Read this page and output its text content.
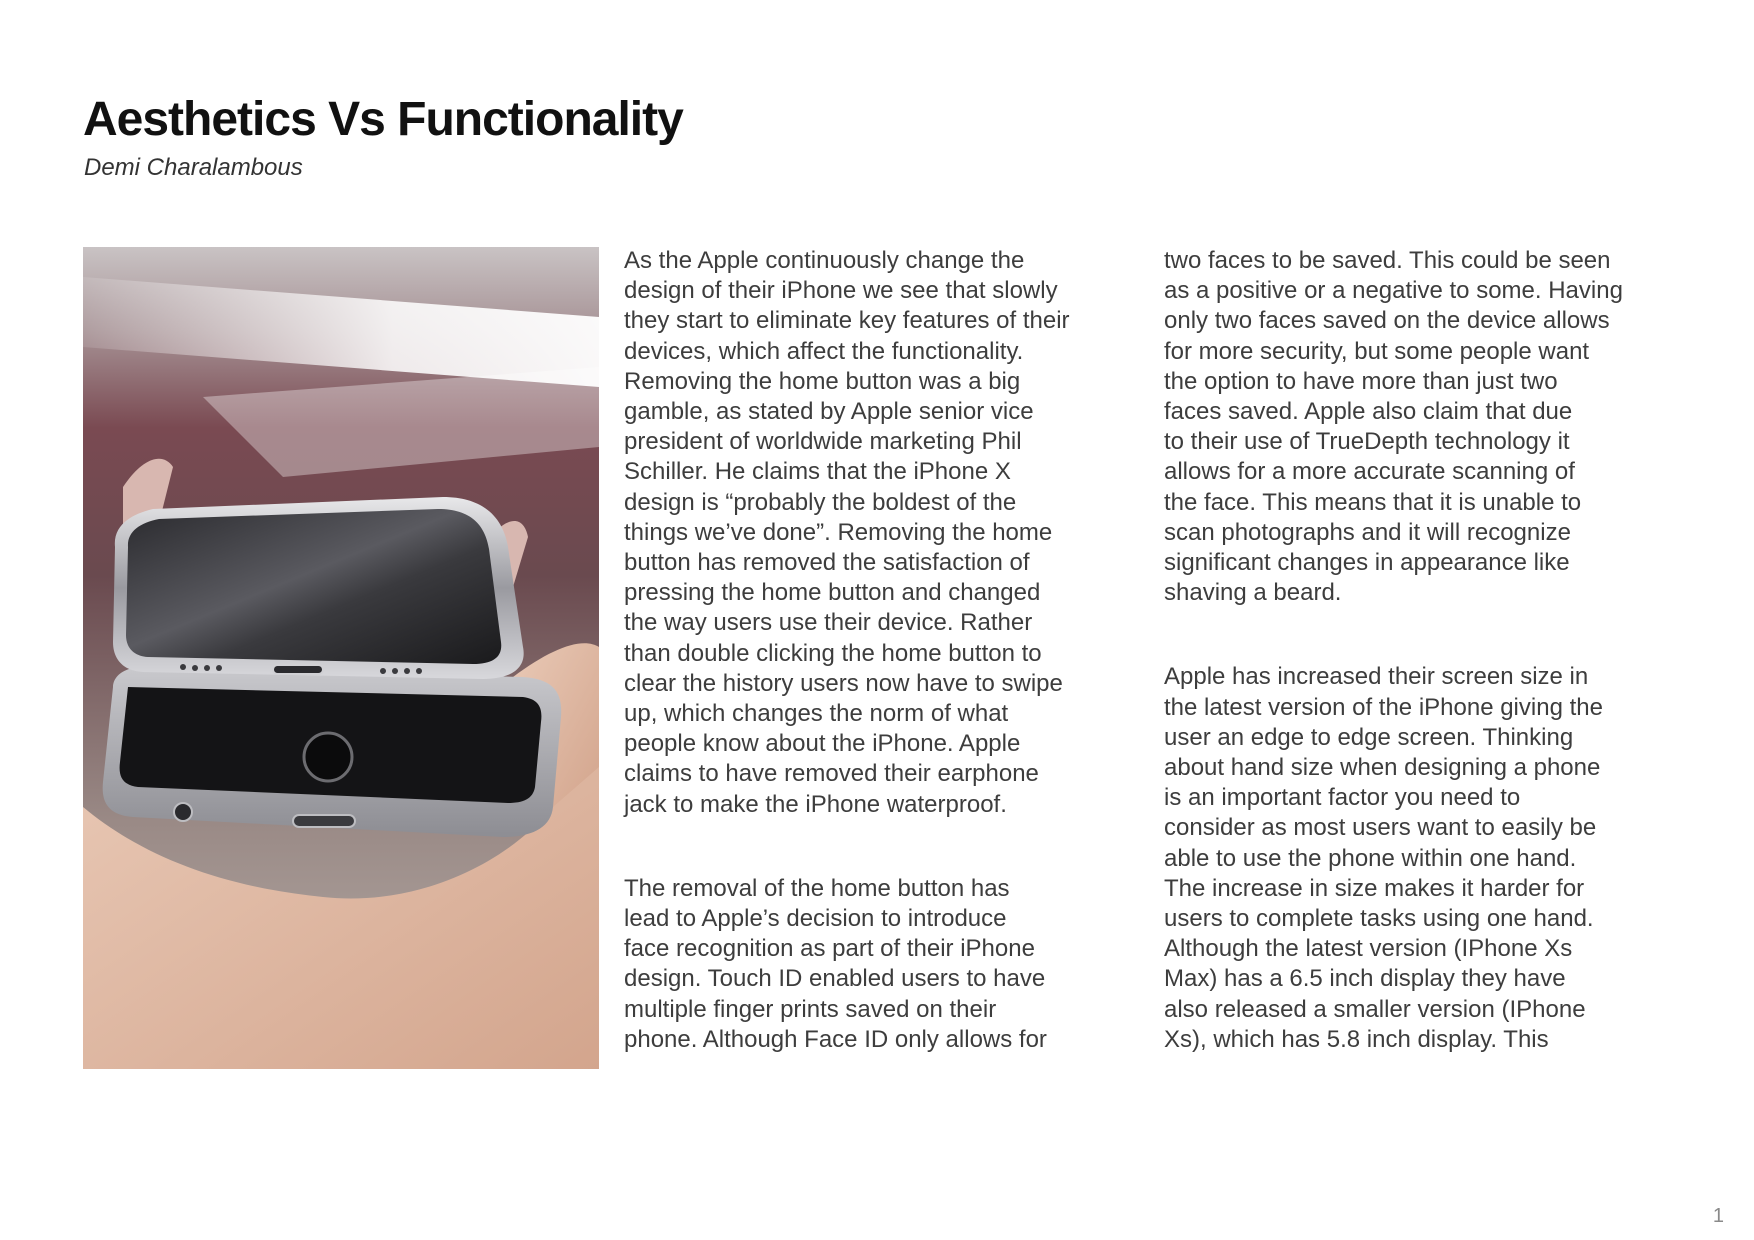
Aesthetics Vs Functionality
Demi Charalambous

As the Apple continuously change the
design of their iPhone we see that slowly
they start to eliminate key features of their
devices, which affect the functionality.
Removing the home button was a big
gamble, as stated by Apple senior vice
president of worldwide marketing Phil
Schiller. He claims that the iPhone X
design is “probably the boldest of the
things we’ve done”. Removing the home
button has removed the satisfaction of
pressing the home button and changed
the way users use their device. Rather
than double clicking the home button to
clear the history users now have to swipe
up, which changes the norm of what
people know about the iPhone. Apple
claims to have removed their earphone
jack to make the iPhone waterproof.

The removal of the home button has
lead to Apple’s decision to introduce
face recognition as part of their iPhone
design. Touch ID enabled users to have
multiple finger prints saved on their
phone. Although Face ID only allows for

two faces to be saved. This could be seen
as a positive or a negative to some. Having
only two faces saved on the device allows
for more security, but some people want
the option to have more than just two
faces saved. Apple also claim that due
to their use of TrueDepth technology it
allows for a more accurate scanning of
the face. This means that it is unable to
scan photographs and it will recognize
significant changes in appearance like
shaving a beard.

Apple has increased their screen size in
the latest version of the iPhone giving the
user an edge to edge screen. Thinking
about hand size when designing a phone
is an important factor you need to
consider as most users want to easily be
able to use the phone within one hand.
The increase in size makes it harder for
users to complete tasks using one hand.
Although the latest version (IPhone Xs
Max) has a 6.5 inch display they have
also released a smaller version (IPhone
Xs), which has 5.8 inch display. This

1
